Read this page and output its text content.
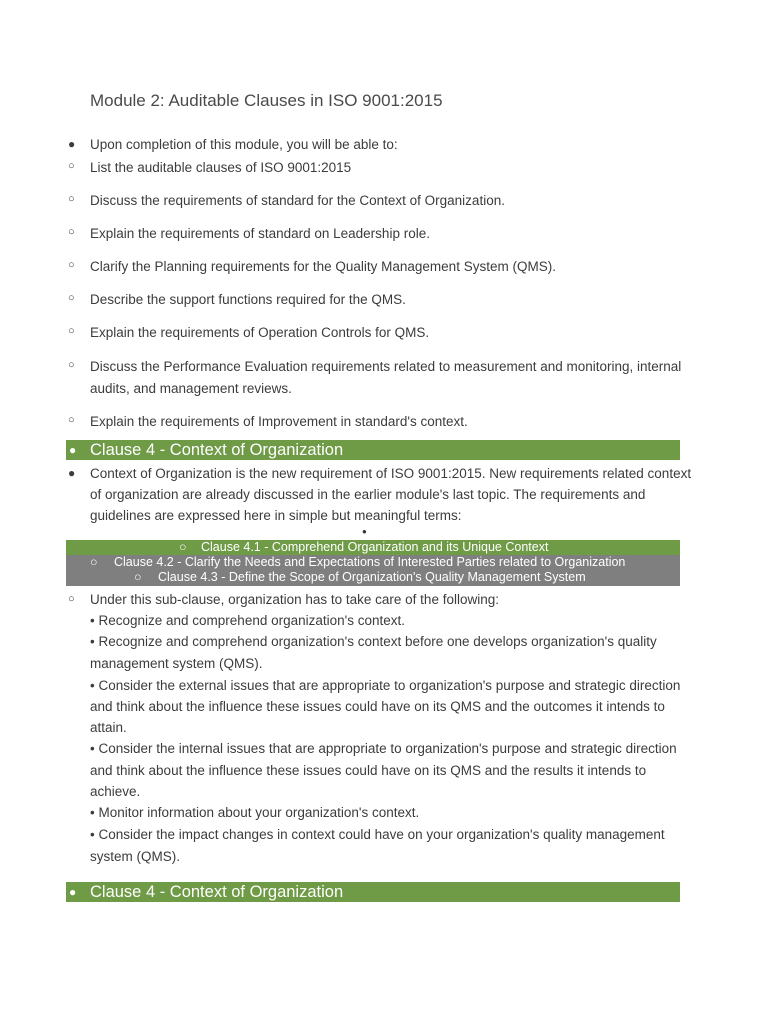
Module 2: Auditable Clauses in ISO 9001:2015
● Upon completion of this module, you will be able to:
○ List the auditable clauses of ISO 9001:2015
○ Discuss the requirements of standard for the Context of Organization.
○ Explain the requirements of standard on Leadership role.
○ Clarify the Planning requirements for the Quality Management System (QMS).
○ Describe the support functions required for the QMS.
○ Explain the requirements of Operation Controls for QMS.
○ Discuss the Performance Evaluation requirements related to measurement and monitoring, internal
audits, and management reviews.
○ Explain the requirements of Improvement in standard's context.
● Clause 4 - Context of Organization
● Context of Organization is the new requirement of ISO 9001:2015. New requirements related context
of organization are already discussed in the earlier module's last topic. The requirements and
guidelines are expressed here in simple but meaningful terms:
●
○ Clause 4.1 - Comprehend Organization and its Unique Context
○ Clause 4.2 - Clarify the Needs and Expectations of Interested Parties related to Organization
○ Clause 4.3 - Define the Scope of Organization's Quality Management System
○ Under this sub-clause, organization has to take care of the following:
• Recognize and comprehend organization's context.
• Recognize and comprehend organization's context before one develops organization's quality
management system (QMS).
• Consider the external issues that are appropriate to organization's purpose and strategic direction
and think about the influence these issues could have on its QMS and the outcomes it intends to
attain.
• Consider the internal issues that are appropriate to organization's purpose and strategic direction
and think about the influence these issues could have on its QMS and the results it intends to
achieve.
• Monitor information about your organization's context.
• Consider the impact changes in context could have on your organization's quality management
system (QMS).
● Clause 4 - Context of Organization
